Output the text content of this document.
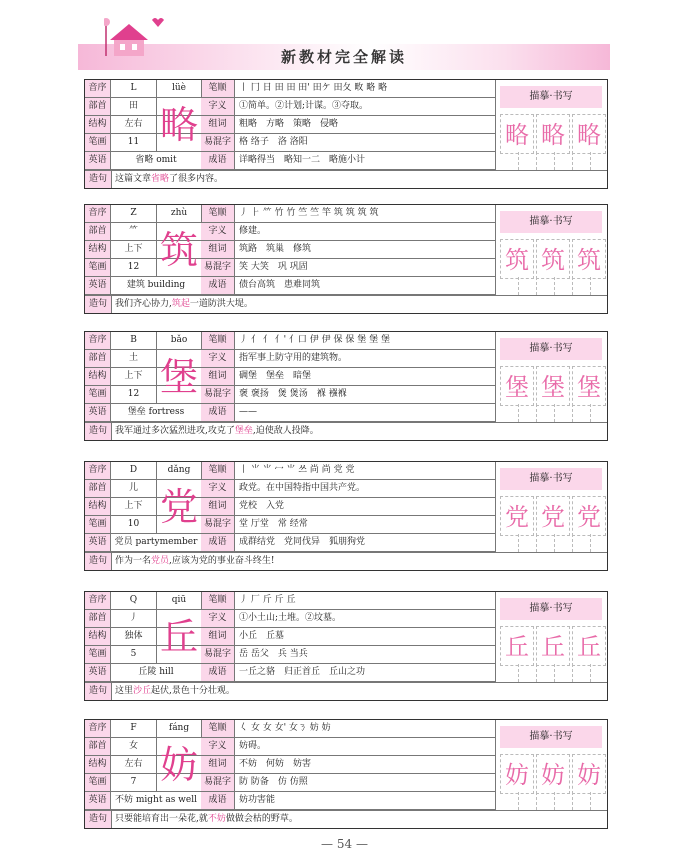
新教材完全解读
音序	L	笔顺	丨 冂 日 田 田 田' 田ケ 田夂 畋 略 略
部首	田	字义	①简单。②计划;计谋。③夺取。
结构	左右	组词	粗略　方略　策略　侵略
笔画	11	易混字 格 络子　洛 洛阳
英语	省略 omit	成语	详略得当　略知一二　略施小计
lüè
略
描摹·书写
略 略 略
造句 这篇文章省略了很多内容。
音序	Z	笔顺	丿 ⺊ ⺮ 竹 竹 竺 竺 竿 筑 筑 筑 筑
部首	⺮	字义	修建。
结构	上下	组词	筑路　筑巢　修筑
笔画	12	易混字 笑 大笑　巩 巩固
英语	建筑 building	成语	债台高筑　患难同筑
zhù
筑
描摹·书写
筑 筑 筑
造句 我们齐心协力,筑起一道防洪大堤。
音序	B	笔顺	丿 亻 亻 亻' 亻口 伊 伊 保 保 堡 堡 堡
部首	土	字义	指军事上防守用的建筑物。
结构	上下	组词	碉堡　堡垒　暗堡
笔画	12	易混字 褒 褒扬　煲 煲汤　褓 襁褓
英语	堡垒 fortress	成语	——
bǎo
堡
描摹·书写
堡 堡 堡
造句 我军通过多次猛烈进攻,攻克了堡垒,迫使敌人投降。
音序	D	笔顺	丨 ⺌ ⺌ 冖 ⺌ 쓰 尚 尚 党 党
部首	儿	字义	政党。在中国特指中国共产党。
结构	上下	组词	党校　入党
笔画	10	易混字 堂 厅堂　常 经常
英语 党员 partymember	成语	成群结党　党同伐异　狐朋狗党
dǎng
党
描摹·书写
党 党 党
造句 作为一名党员,应该为党的事业奋斗终生!
音序	Q	笔顺	丿 厂 斤 斤 丘
部首	丿	字义	①小土山;土堆。②坟墓。
结构	独体	组词	小丘　丘墓
笔画	5	易混字 岳 岳父　兵 当兵
英语	丘陵 hill	成语	一丘之貉　归正首丘　丘山之功
qiū
丘
描摹·书写
丘 丘 丘
造句 这里沙丘起伏,景色十分壮观。
音序	F	笔顺	𡿨 女 女 女' 女ㄋ 妨 妨
部首	女	字义	妨碍。
结构	左右	组词	不妨　何妨　妨害
笔画	7	易混字 防 防备　仿 仿照
英语 不妨 might as well	成语	妨功害能
fáng
妨
描摹·书写
妨 妨 妨
造句 只要能培育出一朵花,就不妨做做会枯的野草。
— 54 —
